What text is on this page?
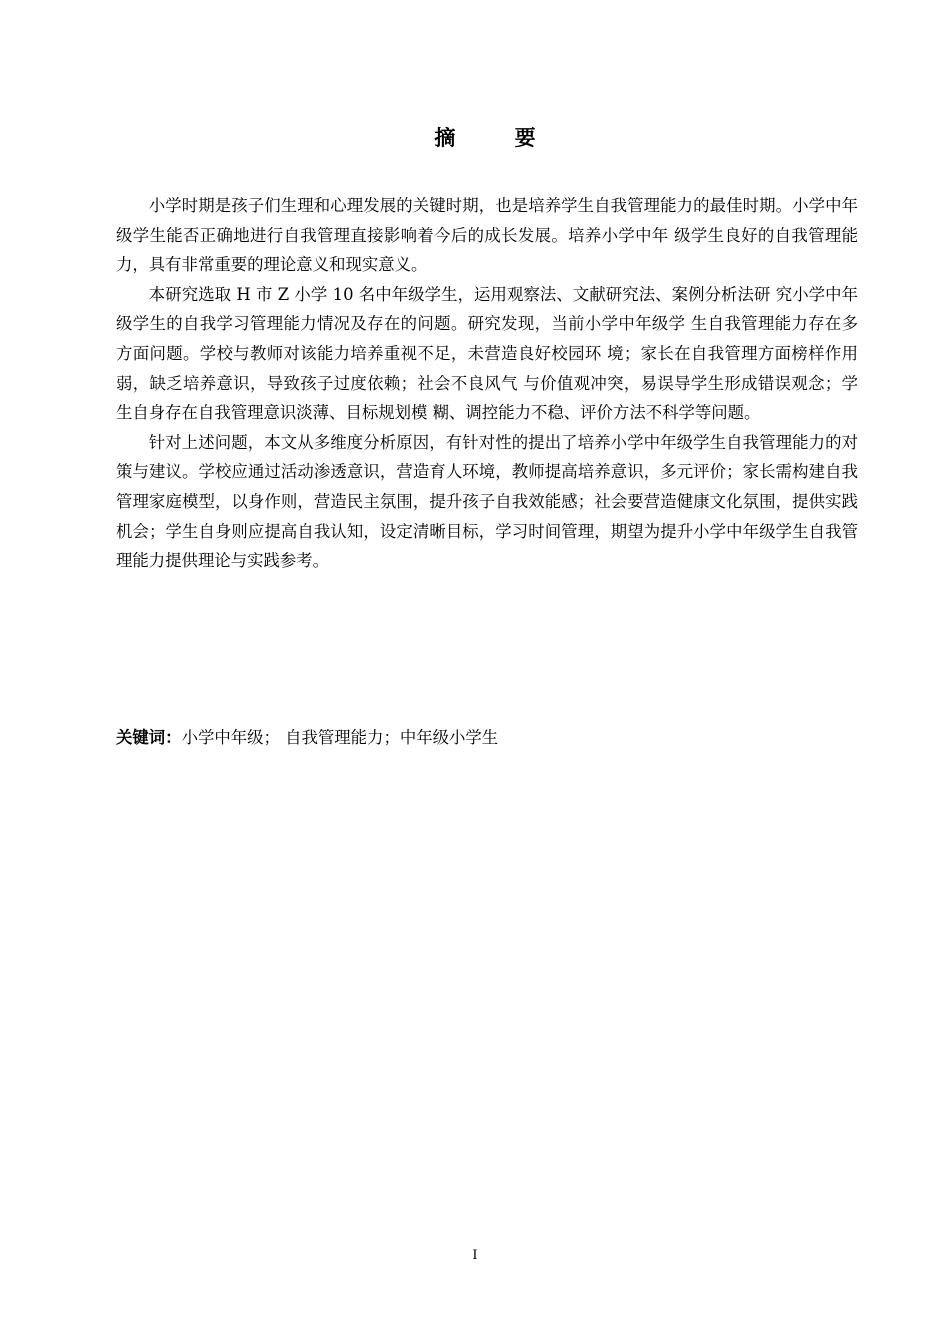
摘 要

小学时期是孩子们生理和心理发展的关键时期，也是培养学生自我管理能力的最佳时期。小学中年级学生能否正确地进行自我管理直接影响着今后的成长发展。培养小学中年 级学生良好的自我管理能力，具有非常重要的理论意义和现实意义。

本研究选取 H 市 Z 小学 10 名中年级学生，运用观察法、文献研究法、案例分析法研 究小学中年级学生的自我学习管理能力情况及存在的问题。研究发现，当前小学中年级学 生自我管理能力存在多方面问题。学校与教师对该能力培养重视不足，未营造良好校园环 境；家长在自我管理方面榜样作用弱，缺乏培养意识，导致孩子过度依赖；社会不良风气 与价值观冲突，易误导学生形成错误观念；学生自身存在自我管理意识淡薄、目标规划模 糊、调控能力不稳、评价方法不科学等问题。

针对上述问题，本文从多维度分析原因，有针对性的提出了培养小学中年级学生自我管理能力的对策与建议。学校应通过活动渗透意识，营造育人环境，教师提高培养意识，多元评价；家长需构建自我管理家庭模型，以身作则，营造民主氛围，提升孩子自我效能感；社会要营造健康文化氛围，提供实践机会；学生自身则应提高自我认知，设定清晰目标，学习时间管理，期望为提升小学中年级学生自我管理能力提供理论与实践参考。

关键词：小学中年级； 自我管理能力；中年级小学生
I
